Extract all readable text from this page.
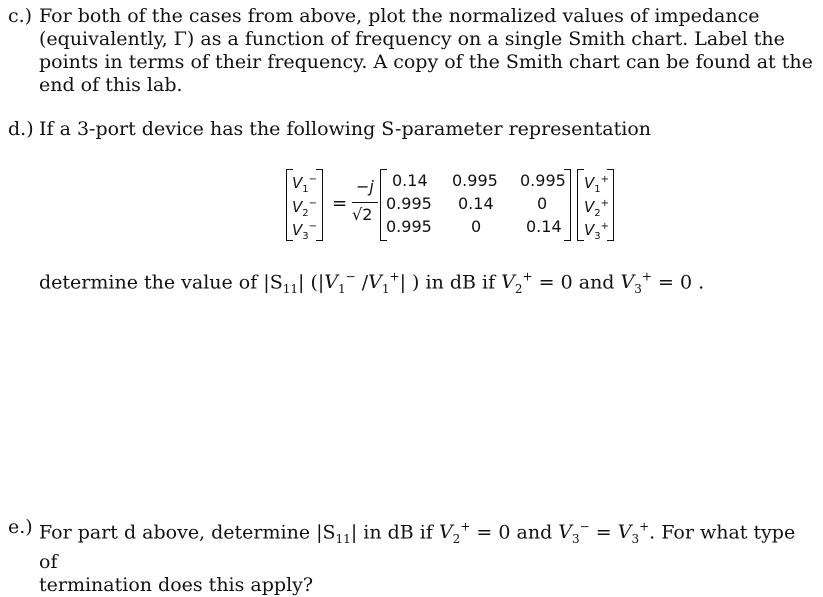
c.) For both of the cases from above, plot the normalized values of impedance (equivalently, Γ) as a function of frequency on a single Smith chart. Label the points in terms of their frequency. A copy of the Smith chart can be found at the end of this lab.
d.) If a 3-port device has the following S-parameter representation
$V_1^-$
$V_2^-$
$V_3^-$
=
−j
√2
0.14 0.995 0.995
0.995 0.14	0
0.995 0	0.14
$V_1^+$
$V_2^+$
$V_3^+$
determine the value of $|S_{11}|$ ($|V_1^-$ $/V_1^+|$ ) in dB if $V_2^+ = 0$ and $V_3^+ = 0$ .
e.) For part d above, determine $|S_{11}|$ in dB if $V_2^+ = 0$ and $V_3^- = V_3^+$. For what type of
termination does this apply?
